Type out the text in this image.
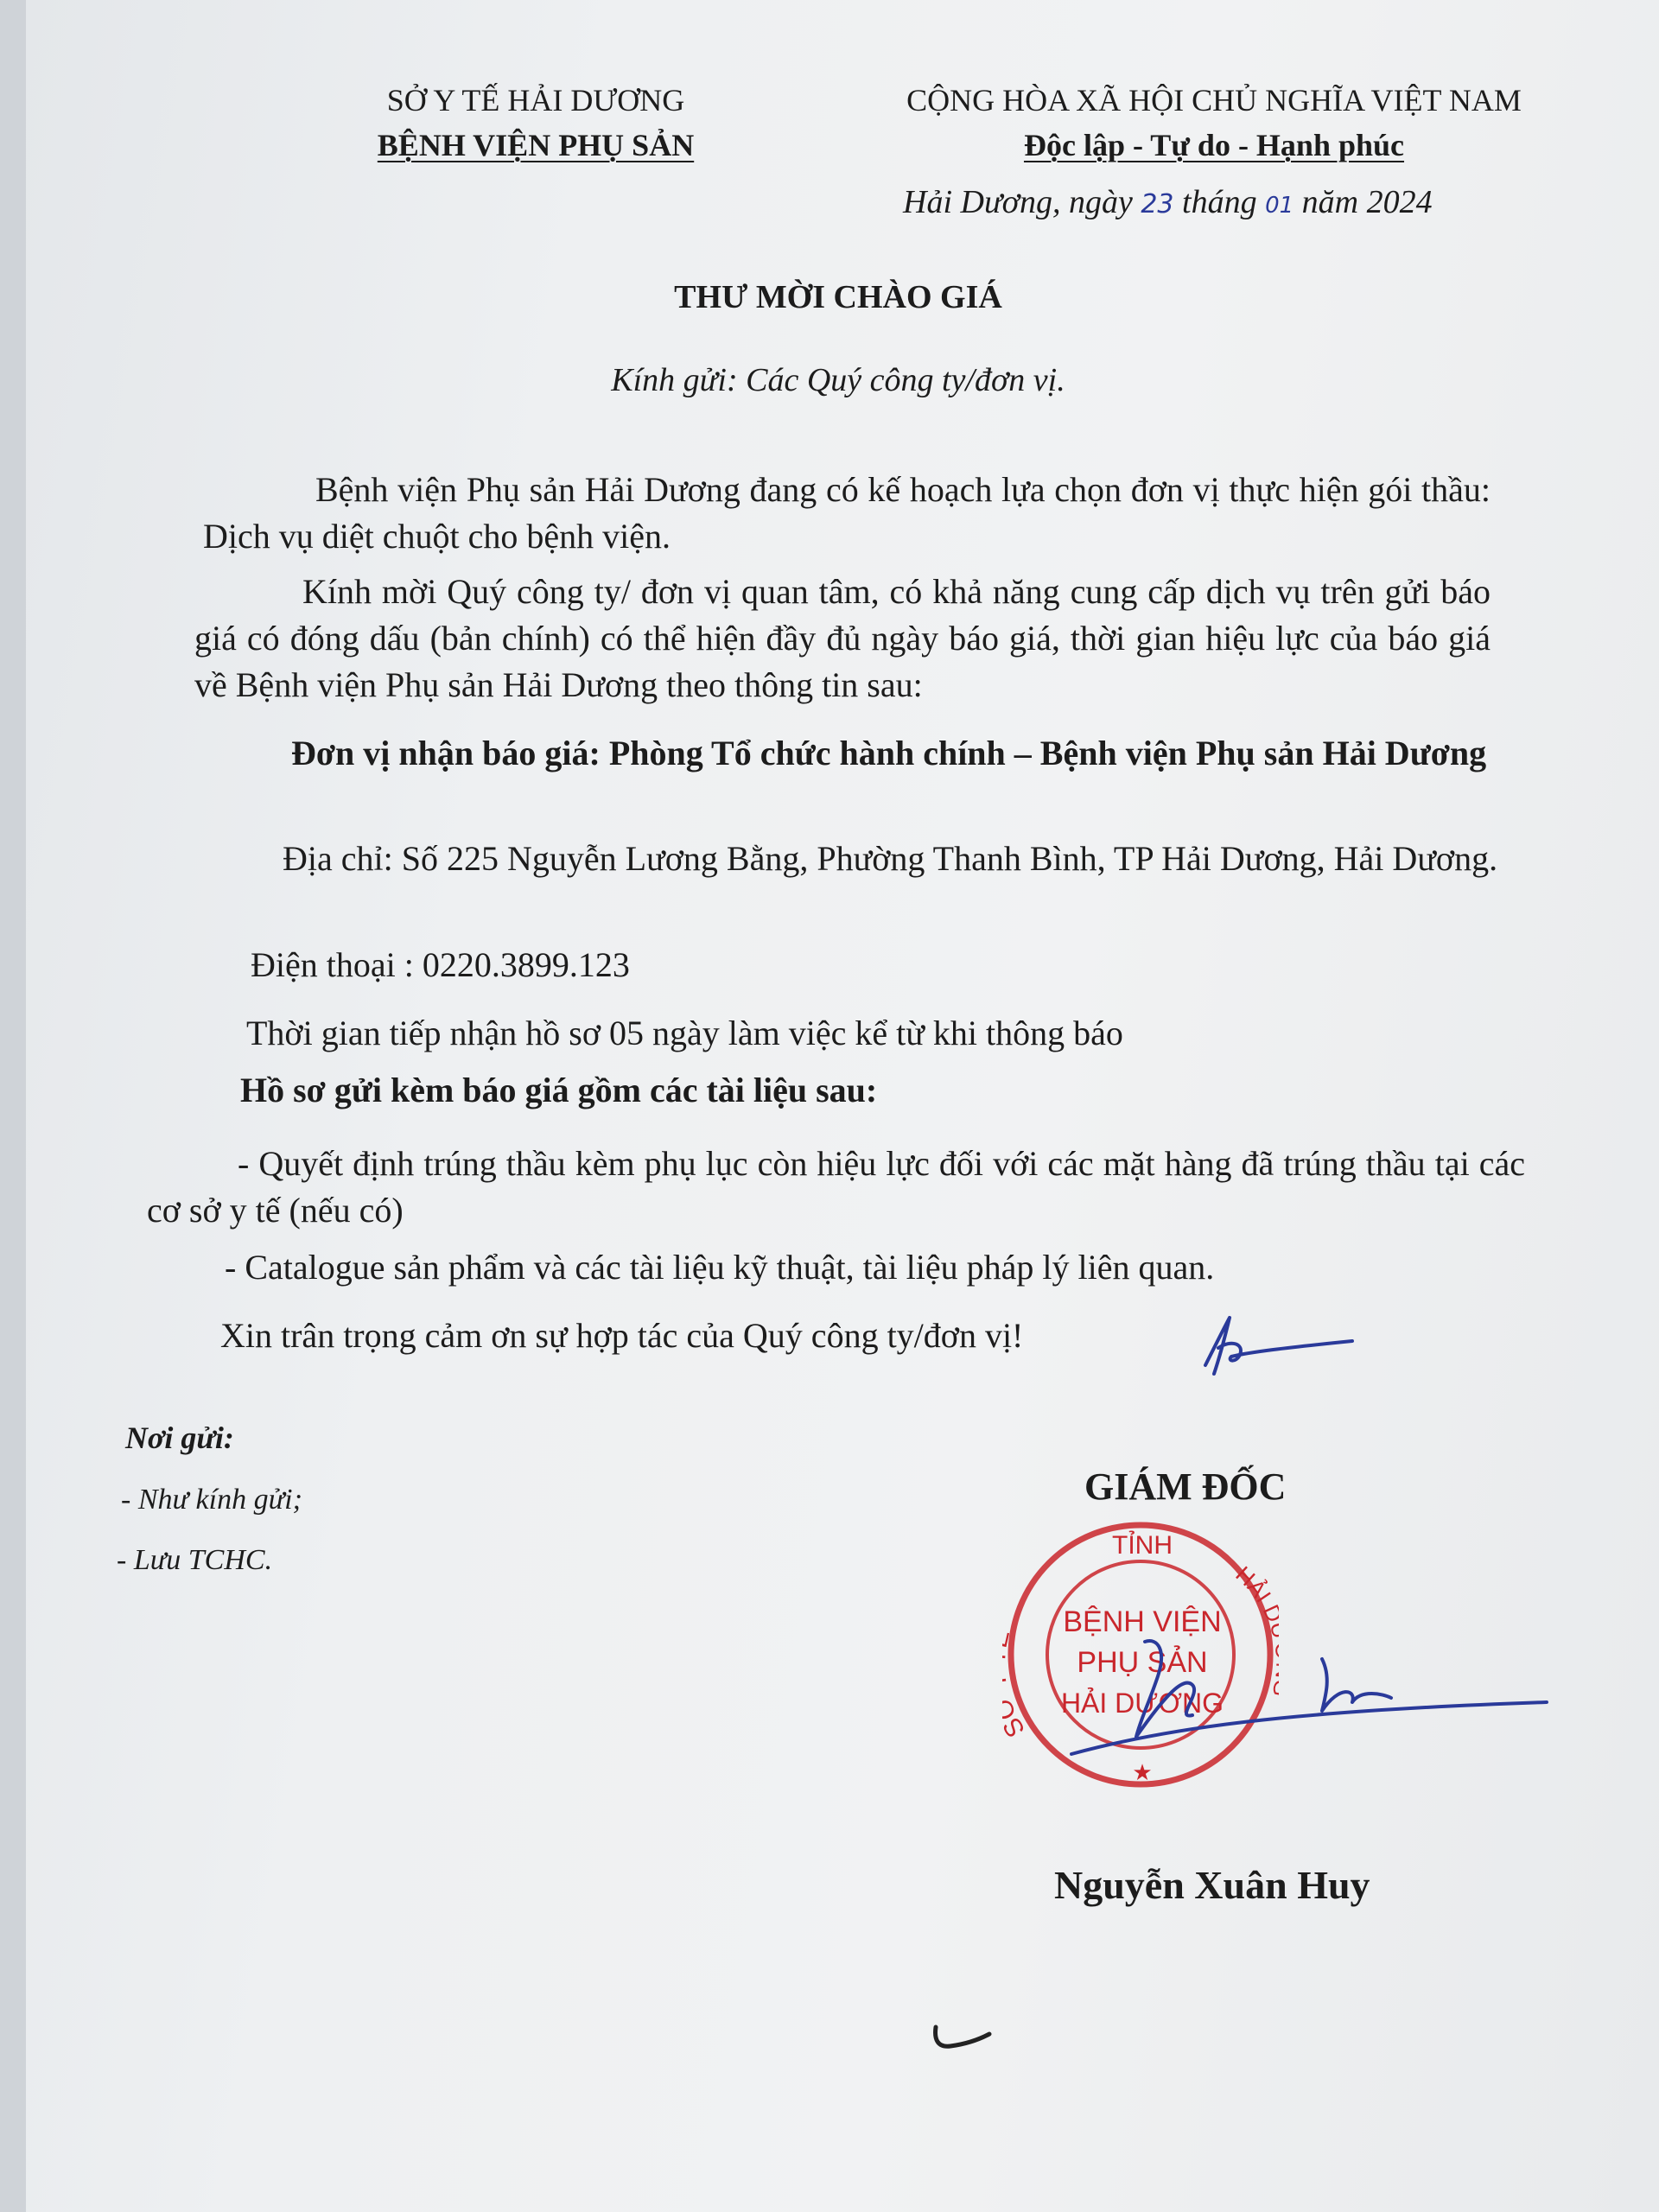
SỞ Y TẾ HẢI DƯƠNG
BỆNH VIỆN PHỤ SẢN
CỘNG HÒA XÃ HỘI CHỦ NGHĨA VIỆT NAM
Độc lập - Tự do - Hạnh phúc
Hải Dương, ngày 23 tháng 01 năm 2024
THƯ MỜI CHÀO GIÁ
Kính gửi: Các Quý công ty/đơn vị.
Bệnh viện Phụ sản Hải Dương đang có kế hoạch lựa chọn đơn vị thực hiện gói thầu: Dịch vụ diệt chuột cho bệnh viện.
Kính mời Quý công ty/ đơn vị quan tâm, có khả năng cung cấp dịch vụ trên gửi báo giá có đóng dấu (bản chính) có thể hiện đầy đủ ngày báo giá, thời gian hiệu lực của báo giá về Bệnh viện Phụ sản Hải Dương theo thông tin sau:
Đơn vị nhận báo giá: Phòng Tổ chức hành chính – Bệnh viện Phụ sản Hải Dương
Địa chỉ: Số 225 Nguyễn Lương Bằng, Phường Thanh Bình, TP Hải Dương, Hải Dương.
Điện thoại : 0220.3899.123
Thời gian tiếp nhận hồ sơ 05 ngày làm việc kể từ khi thông báo
Hồ sơ gửi kèm báo giá gồm các tài liệu sau:
- Quyết định trúng thầu kèm phụ lục còn hiệu lực đối với các mặt hàng đã trúng thầu tại các cơ sở y tế (nếu có)
- Catalogue sản phẩm và các tài liệu kỹ thuật, tài liệu pháp lý liên quan.
Xin trân trọng cảm ơn sự hợp tác của Quý công ty/đơn vị!
Nơi gửi:
- Như kính gửi;
- Lưu TCHC.
GIÁM ĐỐC
TỈNH
HẢI
BỆNH VIỆN
PHỤ SẢN
HẢI DƯƠNG
★
Nguyễn Xuân Huy
